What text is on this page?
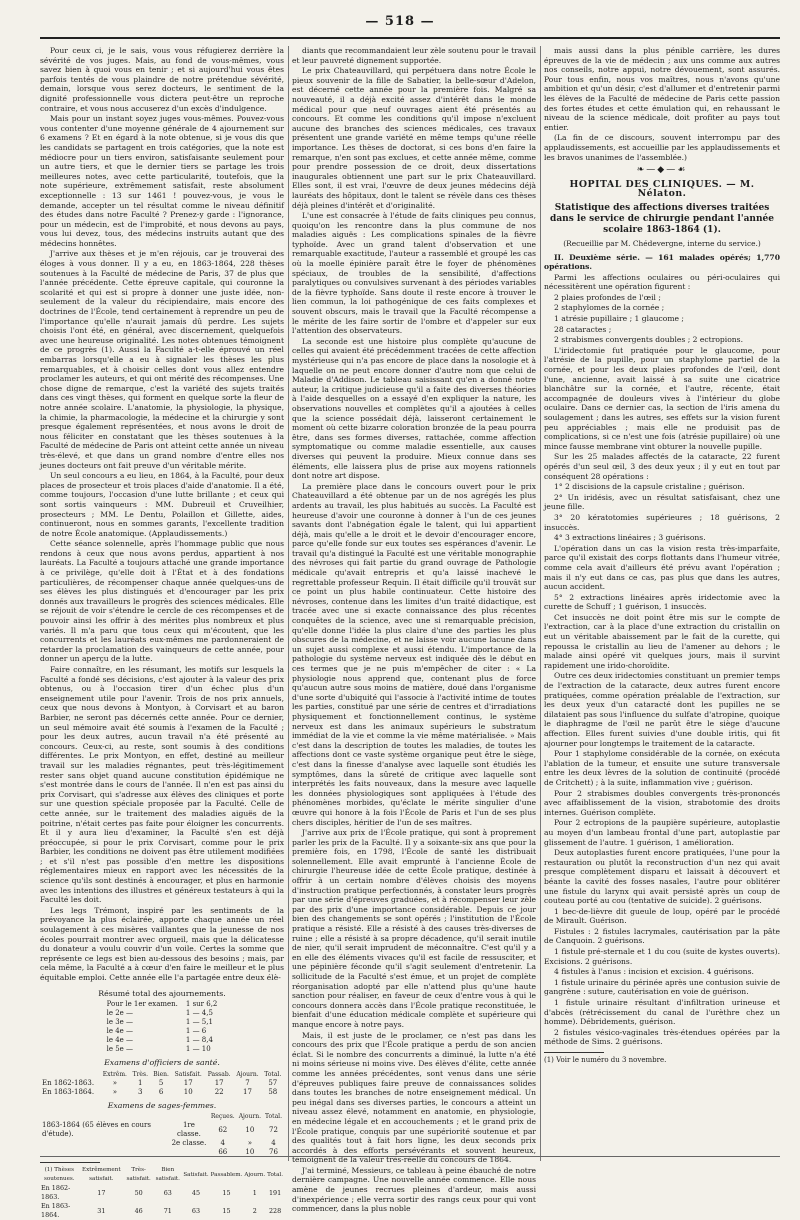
— 518 —

Pour ceux ci, je le sais, vous vous réfugierez derrière la sévérité de vos juges. Mais, au fond de vous-mêmes, vous savez bien à quoi vous en tenir ; et si aujourd'hui vous êtes parfois tentés de vous plaindre de notre prétendue sévérité, demain, lorsque vous serez docteurs, le sentiment de la dignité professionnelle vous dictera peut-être un reproche contraire, et vous nous accuserez d'un excès d'indulgence.

Mais pour un instant soyez juges vous-mêmes. Pouvez-vous vous contenter d'une moyenne générale de 4 ajournement sur 6 examens ? Et en égard à la note obtenue, si je vous dis que les candidats se partagent en trois catégories, que la note est médiocre pour un tiers environ, satisfaisante seulement pour un autre tiers, et que le dernier tiers se partage les trois meilleures notes, avec cette particularité, toutefois, que la note supérieure, extrêmement satisfait, reste absolument exceptionnelle : 13 sur 1461 ! pouvez-vous, je vous le demande, accepter un tel résultat comme le niveau définitif des études dans notre Faculté ? Prenez-y garde : l'ignorance, pour un médecin, est de l'improbité, et nous devons au pays, vous lui devez, tous, des médecins instruits autant que des médecins honnêtes.

J'arrive aux thèses et je m'en réjouis, car je trouverai des éloges à vous donner. Il y a eu, en 1863-1864, 228 thèses soutenues à la Faculté de médecine de Paris, 37 de plus que l'année précédente. Cette épreuve capitale, qui couronne la scolarité et qui est si propre à donner une juste idée, non-seulement de la valeur du récipiendaire, mais encore des doctrines de l'École, tend certainement à reprendre un peu de l'importance qu'elle n'aurait jamais dû perdre. Les sujets choisis l'ont été, en général, avec discernement, quelquefois avec une heureuse originalité. Les notes obtenues témoignent de ce progrès (1). Aussi la Faculté a-t-elle éprouvé un réel embarras lorsqu'elle a eu à signaler les thèses les plus remarquables, et à choisir celles dont vous allez entendre proclamer les auteurs, et qui ont mérité des récompenses. Une chose digne de remarque, c'est la variété des sujets traités dans ces vingt thèses, qui forment en quelque sorte la fleur de notre année scolaire. L'anatomie, la physiologie, la physique, la chimie, la pharmacologie, la médecine et la chirurgie y sont presque également représentées, et nous avons le droit de nous féliciter en constatant que les thèses soutenues à la Faculté de médecine de Paris ont atteint cette année un niveau très-élevé, et que dans un grand nombre d'entre elles nos jeunes docteurs ont fait preuve d'un véritable mérite.

Un seul concours a eu lieu, en 1864, à la Faculté, pour deux places de prosecteur et trois places d'aide d'anatomie. Il a été, comme toujours, l'occasion d'une lutte brillante ; et ceux qui sont sortis vainqueurs : MM. Dubreuil et Cruveilhier, prosecteurs ; MM. Le Dentu, Polaillon et Gillette, aides, continueront, nous en sommes garants, l'excellente tradition de notre École anatomique. (Applaudissements.)

Cette séance solennelle, après l'hommage public que nous rendons à ceux que nous avons perdus, appartient à nos lauréats. La Faculté a toujours attaché une grande importance à ce privilège, qu'elle doit à l'État et à des fondations particulières, de récompenser chaque année quelques-uns de ses élèves les plus distingués et d'encourager par les prix donnés aux travailleurs le progrès des sciences médicales. Elle se réjouit de voir s'étendre le cercle de ces récompenses et de pouvoir ainsi les offrir à des mérites plus nombreux et plus variés. Il m'a paru que tous ceux qui m'écoutent, que les concurrents et les lauréats eux-mêmes me pardonneraient de retarder la proclamation des vainqueurs de cette année, pour donner un aperçu de la lutte.

Faire connaître, en les résumant, les motifs sur lesquels la Faculté a fondé ses décisions, c'est ajouter à la valeur des prix obtenus, ou à l'occasion tirer d'un échec plus d'un enseignement utile pour l'avenir. Trois de nos prix annuels, ceux que nous devons à Montyon, à Corvisart et au baron Barbier, ne seront pas décernés cette année. Pour ce dernier, un seul mémoire avait été soumis à l'examen de la Faculté ; pour les deux autres, aucun travail n'a été présenté au concours. Ceux-ci, au reste, sont soumis à des conditions différentes. Le prix Montyon, en effet, destiné au meilleur travail sur les maladies régnantes, peut très-légitimement rester sans objet quand aucune constitution épidémique ne s'est montrée dans le cours de l'année. Il n'en est pas ainsi du prix Corvisart, qui s'adresse aux élèves des cliniques et porte sur une question spéciale proposée par la Faculté. Celle de cette année, sur le traitement des maladies aiguës de la poitrine, n'était certes pas faite pour éloigner les concurrents. Et il y aura lieu d'examiner, la Faculté s'en est déjà préoccupée, si pour le prix Corvisart, comme pour le prix Barbier, les conditions ne doivent pas être utilement modifiées ; et s'il n'est pas possible d'en mettre les dispositions réglementaires mieux en rapport avec les nécessités de la science qu'ils sont destinés à encourager, et plus en harmonie avec les intentions des illustres et généreux testateurs à qui la Faculté les doit.

Les legs Trémont, inspiré par les sentiments de la prévoyance la plus éclairée, apporte chaque année un réel soulagement à ces misères vaillantes que la jeunesse de nos écoles pourrait montrer avec orgueil, mais que la délicatesse du donateur a voulu couvrir d'un voile. Certes la somme que représente ce legs est bien au-dessous des besoins ; mais, par cela même, la Faculté a à cœur d'en faire le meilleur et le plus équitable emploi. Cette année elle l'a partagée entre deux élè-

Résumé total des ajournements.
Pour le 1er examen.	1 sur 6,2
le 2e —	1 — 4,5
le 3e —	1 — 5,1
le 4e —	1 — 6
le 4e —	1 — 8,4
le 5e —	1 — 10
Examens d'officiers de santé.
	Extrêm.	Très.	Bien.	Satisfait.	Passab.	Ajourn.	Total.
En 1862-1863.	»	1	5	17	17	7	57
En 1863-1864.	»	3	6	10	22	17	58
Examens de sages-femmes.
		Reçues.	Ajourn.	Total.
1863-1864 (65 élèves en cours d'étude).	1re classe.	62	10	72
	2e classe.	4	»	4
		66	10	76
(1) Thèses soutenues.	Extrêmement satisfait.	Très-satisfait.	Bien satisfait.	Satisfait.	Passablem.	Ajourn.	Total.
En 1862-1863.	17	50	63	45	15	1	191
En 1863-1864.	31	46	71	63	15	2	228

diants que recommandaient leur zèle soutenu pour le travail et leur pauvreté dignement supportée.

Le prix Chateauvillard, qui perpétuera dans notre École le pieux souvenir de la fille de Sabatier, la belle-sœur d'Adelon, est décerné cette année pour la première fois. Malgré sa nouveauté, il a déjà excité assez d'intérêt dans le monde médical pour que neuf ouvrages aient été présentés au concours. Et comme les conditions qu'il impose n'excluent aucune des branches des sciences médicales, ces travaux présentent une grande variété en même temps qu'une réelle importance. Les thèses de doctorat, si ces bons d'en faire la remarque, n'en sont pas exclues, et cette année même, comme pour prendre possession de ce droit, deux dissertations inaugurales obtiennent une part sur le prix Chateauvillard. Elles sont, il est vrai, l'œuvre de deux jeunes médecins déjà lauréats des hôpitaux, dont le talent se révèle dans ces thèses déjà pleines d'intérêt et d'originalité.

L'une est consacrée à l'étude de faits cliniques peu connus, quoiqu'on les rencontre dans la plus commune de nos maladies aiguës : Les complications spinales de la fièvre typhoïde. Avec un grand talent d'observation et une remarquable exactitude, l'auteur a rassemblé et groupé les cas où la moelle épinière paraît être le foyer de phénomènes spéciaux, de troubles de la sensibilité, d'affections paralytiques ou convulsives survenant à des périodes variables de la fièvre typhoïde. Sans doute il reste encore à trouver le lien commun, la loi pathogénique de ces faits complexes et souvent obscurs, mais le travail que la Faculté récompense a le mérite de les faire sortir de l'ombre et d'appeler sur eux l'attention des observateurs.

La seconde est une histoire plus complète qu'aucune de celles qui avaient été précédemment tracées de cette affection mystérieuse qui n'a pas encore de place dans la nosologie et à laquelle on ne peut encore donner d'autre nom que celui de Maladie d'Addison. Le tableau saisissant qu'en a donné notre auteur, la critique judicieuse qu'il a faite des diverses théories à l'aide desquelles on a essayé d'en expliquer la nature, les observations nouvelles et complètes qu'il a ajoutées à celles que la science possédait déjà, laisseront certainement le moment où cette bizarre coloration bronzée de la peau pourra être, dans ses formes diverses, rattachée, comme affection symptomatique ou comme maladie essentielle, aux causes diverses qui peuvent la produire. Mieux connue dans ses éléments, elle laissera plus de prise aux moyens rationnels dont notre art dispose.

La première place dans le concours ouvert pour le prix Chateauvillard a été obtenue par un de nos agrégés les plus ardents au travail, les plus habitués au succès. La Faculté est heureuse d'avoir une couronne à donner à l'un de ces jeunes savants dont l'abnégation égale le talent, qui lui appartient déjà, mais qu'elle a le droit et le devoir d'encourager encore, parce qu'elle fonde sur eux toutes ses espérances d'avenir. Le travail qu'a distingué la Faculté est une véritable monographie des névroses qui fait partie du grand ouvrage de Pathologie médicale qu'avait entrepris et qu'a laissé inachevé le regrettable professeur Requin. Il était difficile qu'il trouvât sur ce point un plus habile continuateur. Cette histoire des névroses, contenue dans les limites d'un traité didactique, est tracée avec une si exacte connaissance des plus récentes conquêtes de la science, avec une si remarquable précision, qu'elle donne l'idée la plus claire d'une des parties les plus obscures de la médecine, et ne laisse voir aucune lacune dans un sujet aussi complexe et aussi étendu. L'importance de la pathologie du système nerveux est indiquée dès le début en ces termes que je ne puis m'empêcher de citer : « La physiologie nous apprend que, contenant plus de force qu'aucun autre sous moins de matière, doué dans l'organisme d'une sorte d'ubiquité qui l'associe à l'activité intime de toutes les parties, constitué par une série de centres et d'irradiations physiquement et fonctionnellement continus, le système nerveux est dans les animaux supérieurs le substratum immédiat de la vie et comme la vie même matérialisée. » Mais c'est dans la description de toutes les maladies, de toutes les affections dont ce vaste système organique peut être le siège, c'est dans la finesse d'analyse avec laquelle sont étudiés les symptômes, dans la sûreté de critique avec laquelle sont interprétés les faits nouveaux, dans la mesure avec laquelle les données physiologiques sont appliquées à l'étude des phénomènes morbides, qu'éclate le mérite singulier d'une œuvre qui honore à la fois l'École de Paris et l'un de ses plus chers disciples, héritier de l'un de ses maîtres.

J'arrive aux prix de l'École pratique, qui sont à proprement parler les prix de la Faculté. Il y a soixante-six ans que pour la première fois, en 1798, l'École de santé les distribuait solennellement. Elle avait emprunté à l'ancienne École de chirurgie l'heureuse idée de cette École pratique, destinée à offrir à un certain nombre d'élèves choisis des moyens d'instruction pratique perfectionnés, à constater leurs progrès par une série d'épreuves graduées, et à récompenser leur zèle par des prix d'une importance considérable. Depuis ce jour bien des changements se sont opérés ; l'institution de l'École pratique a résisté. Elle a résisté à des causes très-diverses de ruine ; elle a résisté à sa propre décadence, qu'il serait inutile de nier, qu'il serait imprudent de méconnaître. C'est qu'il y a en elle des éléments vivaces qu'il est facile de ressusciter, et une pépinière féconde qu'il s'agit seulement d'entretenir. La sollicitude de la Faculté s'est émue, et un projet de complète réorganisation adopté par elle n'attend plus qu'une haute sanction pour réaliser, en faveur de ceux d'entre vous à qui le concours donnera accès dans l'École pratique reconstituée, le bienfait d'une éducation médicale complète et supérieure qui manque encore à notre pays.

Mais, il est juste de le proclamer, ce n'est pas dans les concours des prix que l'École pratique a perdu de son ancien éclat. Si le nombre des concurrents a diminué, la lutte n'a été ni moins sérieuse ni moins vive. Des élèves d'élite, cette année comme les années précédentes, sont venus dans une série d'épreuves publiques faire preuve de connaissances solides dans toutes les branches de notre enseignement médical. Un peu inégal dans ses diverses parties, le concours a atteint un niveau assez élevé, notamment en anatomie, en physiologie, en médecine légale et en accouchements ; et le grand prix de l'École pratique, conquis par une supériorité soutenue et par des qualités tout à fait hors ligne, les deux seconds prix accordés à des efforts persévérants et souvent heureux, témoignent de la valeur très-réelle du concours de 1864.

J'ai terminé, Messieurs, ce tableau à peine ébauché de notre dernière campagne. Une nouvelle année commence. Elle nous amène de jeunes recrues pleines d'ardeur, mais aussi d'inexpérience ; elle verra sortir des rangs ceux pour qui vont commencer, dans la plus noble

mais aussi dans la plus pénible carrière, les dures épreuves de la vie de médecin ; aux uns comme aux autres nos conseils, notre appui, notre dévouement, sont assurés. Pour tous enfin, nous vos maîtres, nous n'avons qu'une ambition et qu'un désir, c'est d'allumer et d'entretenir parmi les élèves de la Faculté de médecine de Paris cette passion des fortes études et cette émulation qui, en rehaussant le niveau de la science médicale, doit profiter au pays tout entier.

(La fin de ce discours, souvent interrompu par des applaudissements, est accueillie par les applaudissements et les bravos unanimes de l'assemblée.)

❧—◆—☙
HOPITAL DES CLINIQUES. — M. Nélaton.
Statistique des affections diverses traitées dans le service de chirurgie pendant l'année scolaire 1863-1864 (1).
(Recueillie par M. Chédevergne, interne du service.)

II. Deuxième série. — 161 malades opérés; 1,770 opérations.

Parmi les affections oculaires ou péri-oculaires qui nécessitèrent une opération figurent :

2 plaies profondes de l'œil ;

2 staphylomes de la cornée ;

1 atrésie pupillaire ; 1 glaucome ;

28 cataractes ;

2 strabismes convergents doubles ; 2 ectropions.

L'iridectomie fut pratiquée pour le glaucome, pour l'atrésie de la pupille, pour un staphylome partiel de la cornée, et pour les deux plaies profondes de l'œil, dont l'une, ancienne, avait laissé à sa suite une cicatrice blanchâtre sur la cornée, et l'autre, récente, était accompagnée de douleurs vives à l'intérieur du globe oculaire. Dans ce dernier cas, la section de l'iris amena du soulagement ; dans les autres, ses effets sur la vision furent peu appréciables ; mais elle ne produisit pas de complications, si ce n'est une fois (atrésie pupillaire) où une mince fausse membrane vint obturer la nouvelle pupille.

Sur les 25 malades affectés de la cataracte, 22 furent opérés d'un seul œil, 3 des deux yeux ; il y eut en tout par conséquent 28 opérations :

1° 2 discisions de la capsule cristaline ; guérison.

2° Un iridésis, avec un résultat satisfaisant, chez une jeune fille.

3° 20 kératotomies supérieures ; 18 guérisons, 2 insuccès.

4° 3 extractions linéaires ; 3 guérisons.

L'opération dans un cas la vision resta très-imparfaite, parce qu'il existait des corps flottants dans l'humeur vitrée, comme cela avait d'ailleurs été prévu avant l'opération ; mais il n'y eut dans ce cas, pas plus que dans les autres, aucun accident.

5° 2 extractions linéaires après iridectomie avec la curette de Schuff ; 1 guérison, 1 insuccès.

Cet insuccès ne doit point être mis sur le compte de l'extraction, car à la place d'une extraction du cristallin on eut un véritable abaissement par le fait de la curette, qui repoussa le cristallin au lieu de l'amener au dehors ; le malade ainsi opéré vit quelques jours, mais il survint rapidement une irido-choroïdite.

Outre ces deux iridectomies constituant un premier temps de l'extraction de la cataracte, deux autres furent encore pratiquées, comme opération préalable de l'extraction, sur les deux yeux d'un cataracté dont les pupilles ne se dilataient pas sous l'influence du sulfate d'atropine, quoique le diaphragme de l'œil ne parût être le siège d'aucune affection. Elles furent suivies d'une double iritis, qui fit ajourner pour longtemps le traitement de la cataracte.

Pour 1 staphylome considérable de la cornée, on exécuta l'ablation de la tumeur, et ensuite une suture transversale entre les deux lèvres de la solution de continuité (procédé de Critchett) ; à la suite, inflammation vive ; guérison.

Pour 2 strabismes doubles convergents très-prononcés avec affaiblissement de la vision, strabotomie des droits internes. Guérison complète.

Pour 2 ectropions de la paupière supérieure, autoplastie au moyen d'un lambeau frontal d'une part, autoplastie par glissement de l'autre. 1 guérison, 1 amélioration.

Deux autoplasties furent encore pratiquées, l'une pour la restauration ou plutôt la reconstruction d'un nez qui avait presque complètement disparu et laissait à découvert et béante la cavité des fosses nasales, l'autre pour oblitérer une fistule du larynx qui avait persisté après un coup de couteau porté au cou (tentative de suicide). 2 guérisons.

1 bec-de-lièvre dit gueule de loup, opéré par le procédé de Mirault. Guérison.

Fistules : 2 fistules lacrymales, cautérisation par la pâte de Canquoin. 2 guérisons.

1 fistule pré-sternale et 1 du cou (suite de kystes ouverts). Excisions. 2 guérisons.

4 fistules à l'anus : incision et excision. 4 guérisons.

1 fistule urinaire du périnée après une contusion suivie de gangrène : suture, cautérisation en voie de guérison.

1 fistule urinaire résultant d'infiltration urineuse et d'abcès (rétrécissement du canal de l'urèthre chez un homme). Débridements, guérison.

2 fistules vésico-vaginales très-étendues opérées par la méthode de Sims. 2 guérisons.

(1) Voir le numéro du 3 novembre.
